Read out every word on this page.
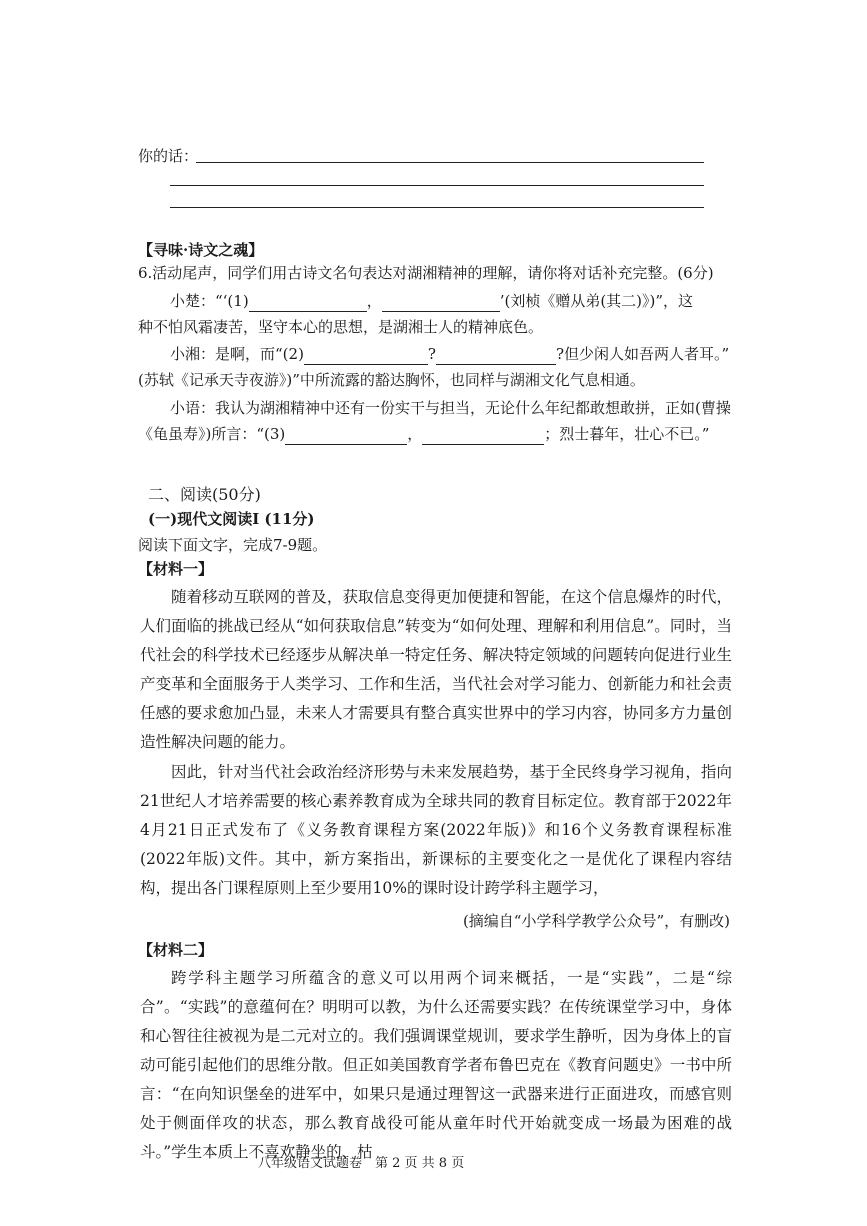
你的话：
【寻味·诗文之魂】
6.活动尾声，同学们用古诗文名句表达对湖湘精神的理解，请你将对话补充完整。(6分)
小楚：“‘(1)	，	’(刘桢《赠从弟(其二)》)”，这
种不怕风霜凄苦，坚守本心的思想，是湖湘士人的精神底色。
小湘：是啊，而“(2)	?	?但少闲人如吾两人者耳。”
(苏轼《记承天寺夜游》)”中所流露的豁达胸怀，也同样与湖湘文化气息相通。
小语：我认为湖湘精神中还有一份实干与担当，无论什么年纪都敢想敢拼，正如(曹操
《龟虽寿》)所言：“(3)	，	；烈士暮年，壮心不已。”
二、阅读(50分)
(一)现代文阅读Ⅰ (11分)
阅读下面文字，完成7-9题。
【材料一】
随着移动互联网的普及，获取信息变得更加便捷和智能，在这个信息爆炸的时代，人们面临的挑战已经从“如何获取信息”转变为“如何处理、理解和利用信息”。同时，当代社会的科学技术已经逐步从解决单一特定任务、解决特定领域的问题转向促进行业生产变革和全面服务于人类学习、工作和生活，当代社会对学习能力、创新能力和社会责任感的要求愈加凸显，未来人才需要具有整合真实世界中的学习内容，协同多方力量创造性解决问题的能力。
因此，针对当代社会政治经济形势与未来发展趋势，基于全民终身学习视角，指向21世纪人才培养需要的核心素养教育成为全球共同的教育目标定位。教育部于2022年4月21日正式发布了《义务教育课程方案(2022年版)》和16个义务教育课程标准(2022年版)文件。其中，新方案指出，新课标的主要变化之一是优化了课程内容结构，提出各门课程原则上至少要用10%的课时设计跨学科主题学习，
(摘编自“小学科学教学公众号”，有删改)
【材料二】
跨学科主题学习所蕴含的意义可以用两个词来概括，一是“实践”，二是“综合”。“实践”的意蕴何在？明明可以教，为什么还需要实践？在传统课堂学习中，身体和心智往往被视为是二元对立的。我们强调课堂规训，要求学生静听，因为身体上的盲动可能引起他们的思维分散。但正如美国教育学者布鲁巴克在《教育问题史》一书中所言：“在向知识堡垒的进军中，如果只是通过理智这一武器来进行正面进攻，而感官则处于侧面佯攻的状态，那么教育战役可能从童年时代开始就变成一场最为困难的战斗。”学生本质上不喜欢静坐的、枯
八年级语文试题卷　第 2 页 共 8 页
